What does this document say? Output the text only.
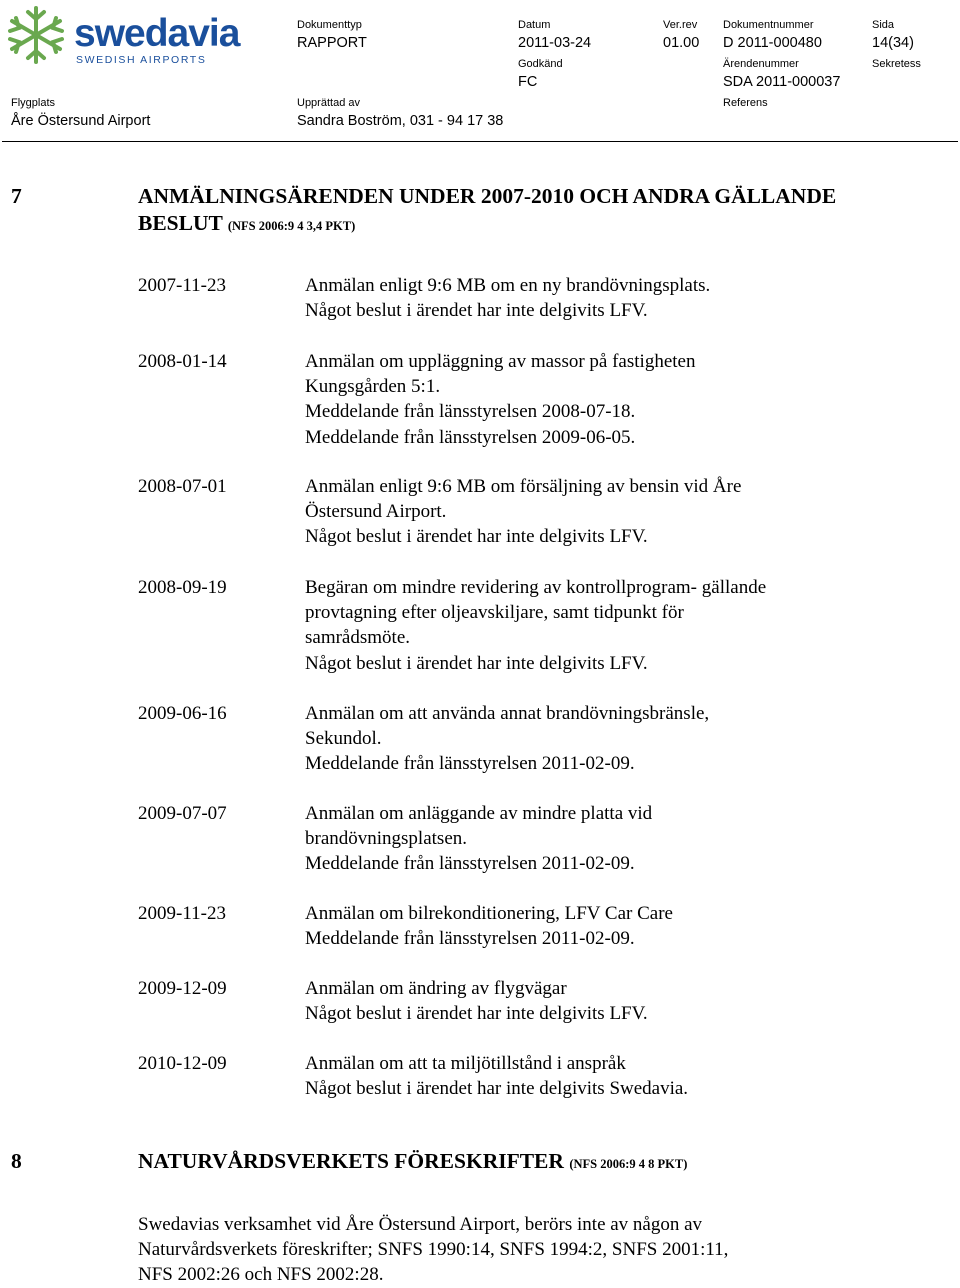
swedavia
SWEDISH AIRPORTS
Dokumenttyp	Datum	Ver.rev Dokumentnummer	Sida
RAPPORT	2011-03-24	01.00 D 2011-000480	14(34)
Godkänd	Ärendenummer	Sekretess
FC	SDA 2011-000037
Flygplats	Upprättad av	Referens
Åre Östersund Airport	Sandra Boström, 031 - 94 17 38
7	ANMÄLNINGSÄRENDEN UNDER 2007-2010 OCH ANDRA GÄLLANDE
BESLUT (NFS 2006:9 4 3,4 PKT)
2007-11-23	Anmälan enligt 9:6 MB om en ny brandövningsplats.
Något beslut i ärendet har inte delgivits LFV.
2008-01-14	Anmälan om uppläggning av massor på fastigheten
Kungsgården 5:1.
Meddelande från länsstyrelsen 2008-07-18.
Meddelande från länsstyrelsen 2009-06-05.
2008-07-01	Anmälan enligt 9:6 MB om försäljning av bensin vid Åre
Östersund Airport.
Något beslut i ärendet har inte delgivits LFV.
2008-09-19	Begäran om mindre revidering av kontrollprogram- gällande
provtagning efter oljeavskiljare, samt tidpunkt för
samrådsmöte.
Något beslut i ärendet har inte delgivits LFV.
2009-06-16	Anmälan om att använda annat brandövningsbränsle,
Sekundol.
Meddelande från länsstyrelsen 2011-02-09.
2009-07-07	Anmälan om anläggande av mindre platta vid
brandövningsplatsen.
Meddelande från länsstyrelsen 2011-02-09.
2009-11-23	Anmälan om bilrekonditionering, LFV Car Care
Meddelande från länsstyrelsen 2011-02-09.
2009-12-09	Anmälan om ändring av flygvägar
Något beslut i ärendet har inte delgivits LFV.
2010-12-09	Anmälan om att ta miljötillstånd i anspråk
Något beslut i ärendet har inte delgivits Swedavia.
8	NATURVÅRDSVERKETS FÖRESKRIFTER (NFS 2006:9 4 8 PKT)
Swedavias verksamhet vid Åre Östersund Airport, berörs inte av någon av
Naturvårdsverkets föreskrifter; SNFS 1990:14, SNFS 1994:2, SNFS 2001:11,
NFS 2002:26 och NFS 2002:28.
